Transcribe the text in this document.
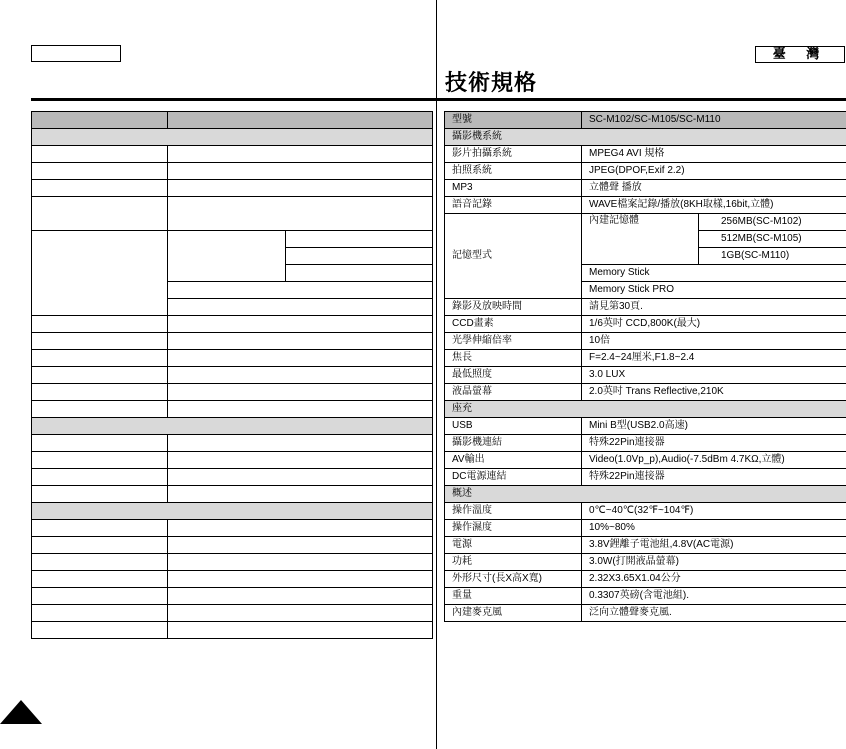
臺 灣
技術規格

型號	SC-M102/SC-M105/SC-M110	
攝影機系統		
影片拍攝系統	MPEG4 AVI 規格	
拍照系統	JPEG(DPOF,Exif 2.2)	
MP3	立體聲 播放	
語音記錄	WAVE檔案記錄/播放(8KH取樣,16bit,立體)	
記憶型式	內建記憶體	256MB(SC-M102)
		512MB(SC-M105)
		1GB(SC-M110)
	Memory Stick	
	Memory Stick PRO	
錄影及放映時間	請見第30頁.	
CCD畫素	1/6英吋 CCD,800K(最大)	
光學伸縮倍率	10倍	
焦長	F=2.4~24厘米,F1.8~2.4	
最低照度	3.0 LUX	
液晶螢幕	2.0英吋 Trans Reflective,210K	
座充		
USB	Mini B型(USB2.0高速)	
攝影機連結	特殊22Pin連接器	
AV輸出	Video(1.0Vp_p),Audio(-7.5dBm 4.7KΩ,立體)	
DC電源連結	特殊22Pin連接器	
概述		
操作溫度	0℃~40℃(32℉~104℉)	
操作濕度	10%~80%	
電源	3.8V鋰離子電池組,4.8V(AC電源)	
功耗	3.0W(打開液晶螢幕)	
外形尺寸(長X高X寬)	2.32X3.65X1.04公分	
重量	0.3307英磅(含電池組).	
內建麥克風	泛向立體聲麥克風.	
